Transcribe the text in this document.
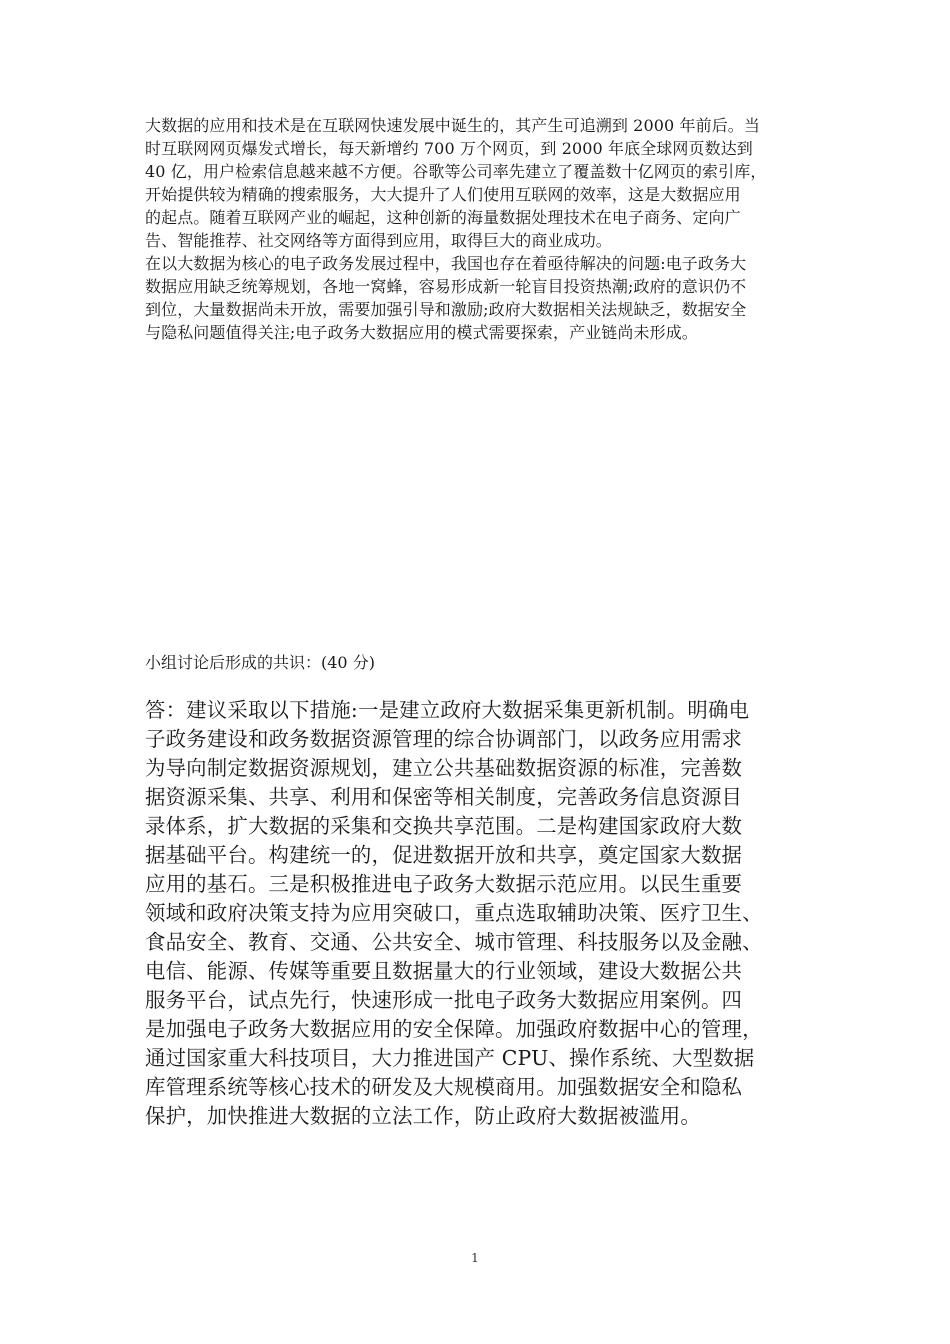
大数据的应用和技术是在互联网快速发展中诞生的，其产生可追溯到 2000 年前后。当

时互联网网页爆发式增长，每天新增约 700 万个网页，到 2000 年底全球网页数达到

40 亿，用户检索信息越来越不方便。谷歌等公司率先建立了覆盖数十亿网页的索引库，

开始提供较为精确的搜索服务，大大提升了人们使用互联网的效率，这是大数据应用

的起点。随着互联网产业的崛起，这种创新的海量数据处理技术在电子商务、定向广

告、智能推荐、社交网络等方面得到应用，取得巨大的商业成功。

在以大数据为核心的电子政务发展过程中，我国也存在着亟待解决的问题:电子政务大

数据应用缺乏统筹规划，各地一窝蜂，容易形成新一轮盲目投资热潮;政府的意识仍不

到位，大量数据尚未开放，需要加强引导和激励;政府大数据相关法规缺乏，数据安全

与隐私问题值得关注;电子政务大数据应用的模式需要探索，产业链尚未形成。

小组讨论后形成的共识：(40 分)

答：建议采取以下措施:一是建立政府大数据采集更新机制。明确电

子政务建设和政务数据资源管理的综合协调部门，以政务应用需求

为导向制定数据资源规划，建立公共基础数据资源的标准，完善数

据资源采集、共享、利用和保密等相关制度，完善政务信息资源目

录体系，扩大数据的采集和交换共享范围。二是构建国家政府大数

据基础平台。构建统一的，促进数据开放和共享，奠定国家大数据

应用的基石。三是积极推进电子政务大数据示范应用。以民生重要

领域和政府决策支持为应用突破口，重点选取辅助决策、医疗卫生、

食品安全、教育、交通、公共安全、城市管理、科技服务以及金融、

电信、能源、传媒等重要且数据量大的行业领域，建设大数据公共

服务平台，试点先行，快速形成一批电子政务大数据应用案例。四

是加强电子政务大数据应用的安全保障。加强政府数据中心的管理，

通过国家重大科技项目，大力推进国产 CPU、操作系统、大型数据

库管理系统等核心技术的研发及大规模商用。加强数据安全和隐私

保护，加快推进大数据的立法工作，防止政府大数据被滥用。

1
